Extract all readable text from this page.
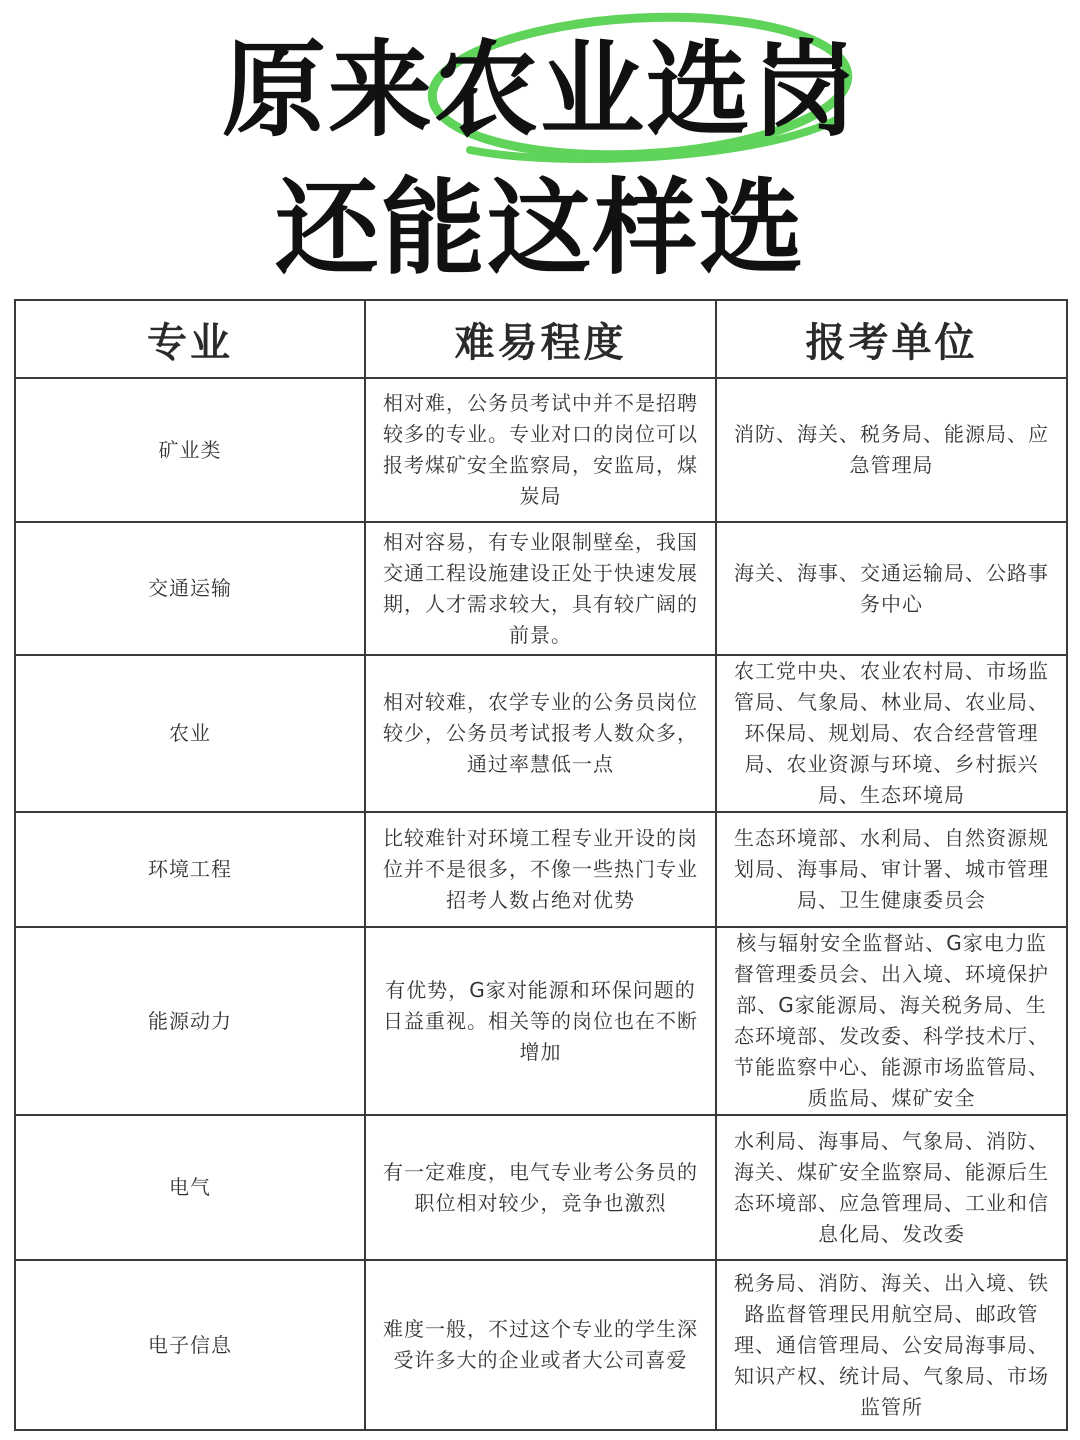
原来农业选岗
还能这样选
专业	难易程度	报考单位
矿业类	相对难，公务员考试中并不是招聘较多的专业。专业对口的岗位可以报考煤矿安全监察局，安监局，煤炭局	消防、海关、税务局、能源局、应急管理局
交通运输	相对容易，有专业限制壁垒，我国交通工程设施建设正处于快速发展期，人才需求较大，具有较广阔的前景。	海关、海事、交通运输局、公路事务中心
农业	相对较难，农学专业的公务员岗位较少，公务员考试报考人数众多，通过率慧低一点	农工党中央、农业农村局、市场监管局、气象局、林业局、农业局、环保局、规划局、农合经营管理局、农业资源与环境、乡村振兴局、生态环境局
环境工程	比较难针对环境工程专业开设的岗位并不是很多，不像一些热门专业招考人数占绝对优势	生态环境部、水利局、自然资源规划局、海事局、审计署、城市管理局、卫生健康委员会
能源动力	有优势，G家对能源和环保问题的日益重视。相关等的岗位也在不断增加	核与辐射安全监督站、G家电力监督管理委员会、出入境、环境保护部、G家能源局、海关税务局、生态环境部、发改委、科学技术厅、节能监察中心、能源市场监管局、质监局、煤矿安全
电气	有一定难度，电气专业考公务员的职位相对较少，竞争也激烈	水利局、海事局、气象局、消防、海关、煤矿安全监察局、能源后生态环境部、应急管理局、工业和信息化局、发改委
电子信息	难度一般，不过这个专业的学生深受许多大的企业或者大公司喜爱	税务局、消防、海关、出入境、铁路监督管理民用航空局、邮政管理、通信管理局、公安局海事局、知识产权、统计局、气象局、市场监管所
